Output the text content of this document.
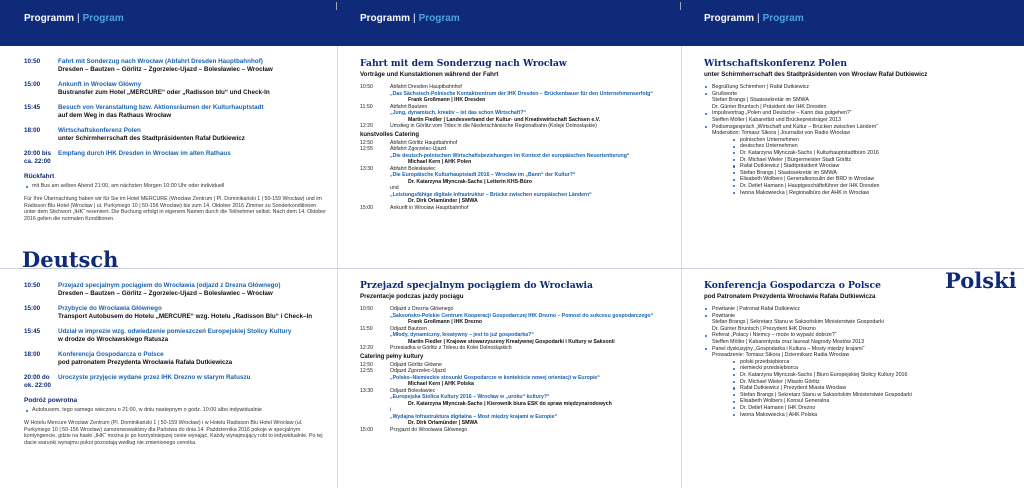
Programm | Program	Programm | Program	Programm | Program
Deutsch
Polski
10:50	Fahrt mit Sonderzug nach Wrocław (Abfahrt Dresden Hauptbahnhof)
Dresden – Bautzen – Görlitz – Zgorzelec-Ujazd – Bolesławiec – Wrocław
15:00	Ankunft in Wrocław Główny
Bustransfer zum Hotel „MERCURE“ oder „Radisson blu“ und Check-In
15:45	Besuch von Veranstaltung bzw. Aktionsräumen der Kulturhauptstadt
auf dem Weg in das Rathaus Wrocław
18:00	Wirtschaftskonferenz Polen
unter Schirmherrschaft des Stadtpräsidenten Rafał Dutkiewicz
20:00 bis ca. 22:00
Empfang durch IHK Dresden in Wrocław im alten Rathaus
Rückfahrt
mit Bus am selben Abend 21:00, am nächsten Morgen 10:00 Uhr oder individuell
Für Ihre Übernachtung haben wir für Sie im Hotel MERCURE (Wrocław Zentrum | Pl. Dominikański 1 | 50-159 Wrocław) und im Radisson Blu Hotel (Wrocław | ul. Purkyniego 10 | 50-156 Wrocław) bis zum 14. Oktober 2016 Zimmer zu Sonderkonditionen unter dem Stichwort „IHK“ reserviert. Die Buchung erfolgt in eigenem Namen durch die Teilnehmer selbst. Nach dem 14. Oktober 2016 gelten die normalen Konditionen.
10:50	Przejazd specjalnym pociągiem do Wrocławia (odjazd z Drezna Głównego)
Dresden – Bautzen – Görlitz – Zgorzelec-Ujazd – Bolesławiec – Wrocław
15:00	Przybycie do Wrocławia Głównego
Transport Autobusem do Hotelu „MERCURE“ wzg. Hotelu „Radisson Blu“ i Check–In
15:45	Udział w imprezie wzg. odwiedzenie pomieszczeń Europejskiej Stolicy Kultury
w drodze do Wrocławskiego Ratusza
18:00	Konferencja Gospodarcza o Polsce
pod patronatem Prezydenta Wrocławia Rafała Dutkiewicza
20:00 do ok. 22:00
Uroczyste przyjęcie wydane przez IHK Drezno w starym Ratuszu
Podróż powrotna
Autobusem, tego samego wieczoru o 21:00, w dniu nastepnym o godz. 10:00 albo indywidualnie
W Hotelu Mercure Wrocław Zentrum (Pl. Dominikański 1 | 50-159 Wrocław) i w Hotelu Radisson Blu Hotel Wrocław (ul. Purkyniego 10 | 50-156 Wrocław) zarezerwowaliśmy dla Państwa do dnia 14. Października 2016 pokoje w specjalnym kontyngencie, gdzie na hasło „IHK“ można je po korzystniejszej cenie wynająć. Każdy wynajmujący robi to indywidualnie. Po tej dacie warunki wynajmu pokoi pozostają według nie zmienionego cennika.
Fahrt mit dem Sonderzug nach Wrocław
Vorträge und Kunstaktionen während der Fahrt
10:50	Abfahrt Dresden Hauptbahnhof
„Das Sächsisch-Polnische Kontaktzentrum der IHK Dresden – Brückenbauer für den Unternehmenserfolg“
Frank Großmann | IHK Dresden
11:50	Abfahrt Bautzen
„Jung, dynamisch, kreativ – ist das schon Wirtschaft?“
Martin Fiedler | Landesverband der Kultur- und Kreativwirtschaft Sachsen e.V.
12:20	Umstieg in Görlitz vom Trilex in die Niederschlesische Regionalbahn (Koleje Dolnosląskie)
kunstvolles Catering
12:50	Abfahrt Görlitz Hauptbahnhof
12:55	Abfahrt Zgorzelec-Ujazd
„Die deutsch-polnischen Wirtschaftsbeziehungen im Kontext der europäischen Neuorientierung“
Michael Kern | AHK Polen
13:30	Abfahrt Bolesławiec
„Die Europäische Kulturhauptstadt 2016 – Wrocław im „Bann“ der Kultur?“
Dr. Katarzyna Młynczak-Sachs | Leiterin KHS-Büro
und
„Leistungsfähige digitale Infrastruktur – Brücke zwischen europäischen Ländern“
Dr. Dirk Orlamünder | SMWA
15:00	Ankunft in Wrocław Hauptbahnhof
Przejazd specjalnym pociągiem do Wrocławia
Prezentacje podczas jazdy pociągu
10:50	Odjazd z Drezna Głównego
„Saksońsko-Polskie Centrum Kooperacji Gospodarczej IHK Drezno – Pomost do sukcesu gospodarczego“
Frank Großmann | IHK Drezno
11:50	Odjazd Bautzen
„Młody, dynamiczny, kreatywny – jest to już gospodarka?“
Martin Fiedler | Krajowe stowarzyszeny Kreatywnej Gospodarki i Kultury w Saksonii
12:20	Przesiadka w Görlitz z Trilexu do Kolei Dolnośląskich
Catering pełny kultury
12:50	Odjazd Görlitz Główne
12:55	Odjazd Zgorzelec-Ujazd
„Polsko–Niemieckie stosunki Gospodarcze w kontekście nowej orientacji w Europie“
Michael Kern | AHK Polska
13:30	Odjazd Bolesławiec
„Europejska Stolica Kultury 2016 – Wrocław w „uroku“ kultury?“
Dr. Katarzyna Młynczak-Sachs | Kierownik biura ESK do spraw międzynarodowych
i
„Wydajna Infrastruktura digitalna – Most między krajami w Europie“
Dr. Dirk Orlamünder | SMWA
15:00	Przyjazd do Wrocławia Głównego
Wirtschaftskonferenz Polen
unter Schirmherrschaft des Stadtpräsidenten von Wrocław Rafał Dutkiewicz
Begrüßung Schirmherr | Rafał Dutkiewicz
Grußworte
Stefan Brangs | Staatssekretär im SMWA
Dr. Günter Bruntsch | Präsident der IHK Dresden
Impulsvortrag „Polen und Deutsche – Kann das gutgehen?“
Steffen Möller | Kabarettist und Brückepreisträger 2013
Podiumsgespräch „Wirtschaft und Kultur – Brücken zwischen Ländern“
Moderation: Tomasz Sikora | Journalist von Radio Wrocław
polnischen Unternehmen
deutsches Unternehmen
Dr. Katarzyna Młynczak-Sachs | Kulturhauptstadtbüro 2016
Dr. Michael Wieler | Bürgermeister Stadt Görlitz
Rafał Dutkiewicz | Stadtpräsident Wrocław
Stefan Brangs | Staatssekretär im SMWA
Elisabeth Wolbers | Generalkonsulin der BRD in Wrocław
Dr. Detlef Hamann | Hauptgeschäftsführer der IHK Dresden
Iwona Makowiecka | Regionalbüro der AHK in Wrocław
Konferencja Gospodarcza o Polsce
pod Patronatem Prezydenta Wrocławia Rafała Dutkiewicza
Powitanie | Patronat Rafał Dutkiewicz
Powitanie
Stefan Brangs | Sekretarz Stanu w Saksońskim Ministerstwie Gospodarki
Dr. Günter Bruntsch | Prezydent IHK Drezno
Referat „Polacy i Niemcy – może to wypaść dobrze?“
Steffen Möller | Kabarentysta oraz laureat Nagrody Mostów 2013
Panel dyskusyjny „Gospodarka i Kultura – Mosty między krajami“
Prowadzenie: Tomasz Sikora | Dziennikarz Radia Wrocław
polski przedsiębiorca
niemiecki przedsiębiorca
Dr. Katarzyna Młynczak-Sachs | Biuro Europejskiej Stolicy Kultury 2016
Dr. Michael Wieler | Miasto Görlitz
Rafał Dutkiewicz | Prezydent Miasta Wrocław
Stefan Brangs | Sekretarz Stanu w Saksońskim Ministerstwie Gospodarki
Elisabeth Wolbers | Konsul Generalna
Dr. Detlef Hamann | IHK Drezno
Iwona Makowiecka | AHK Polska
